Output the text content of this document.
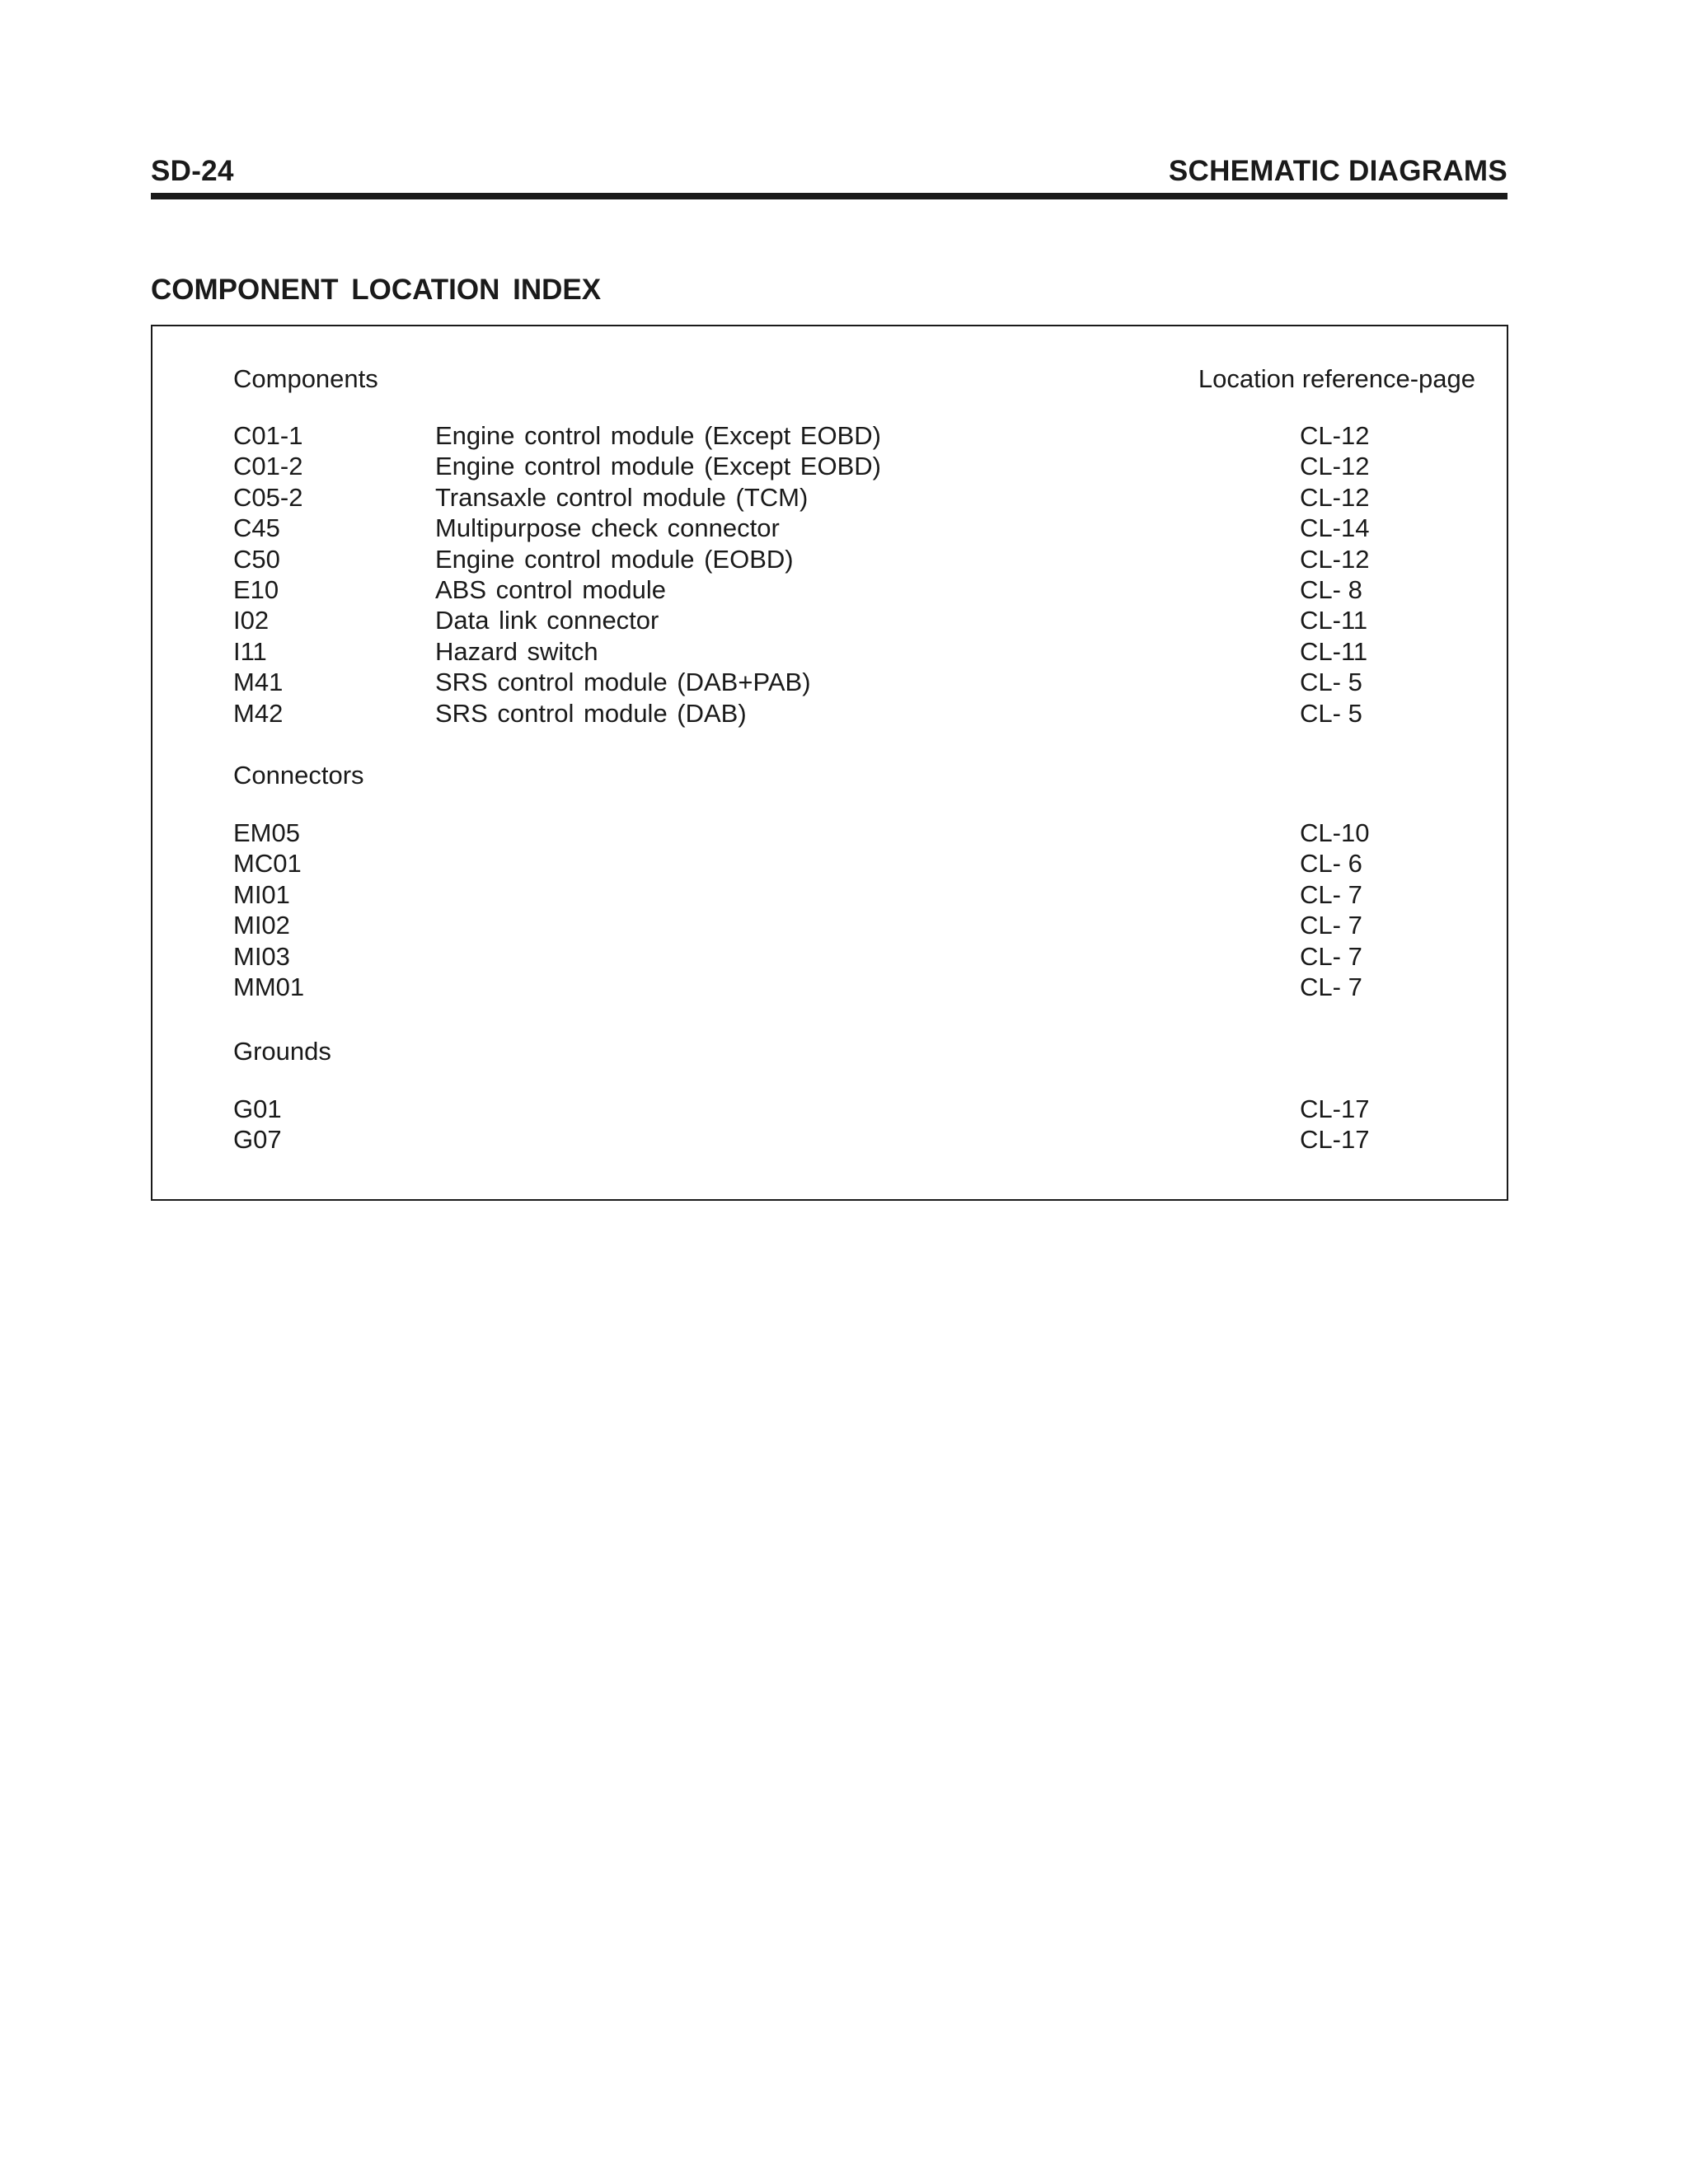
SD-24	SCHEMATIC DIAGRAMS
COMPONENT LOCATION INDEX
Components	Location reference-page
C01-1	Engine control module (Except EOBD)	CL-12
C01-2	Engine control module (Except EOBD)	CL-12
C05-2	Transaxle control module (TCM)	CL-12
C45	Multipurpose check connector	CL-14
C50	Engine control module (EOBD)	CL-12
E10	ABS control module	CL- 8
I02	Data link connector	CL-11
I11	Hazard switch	CL-11
M41	SRS control module (DAB+PAB)	CL- 5
M42	SRS control module (DAB)	CL- 5
Connectors
EM05	CL-10
MC01	CL- 6
MI01	CL- 7
MI02	CL- 7
MI03	CL- 7
MM01	CL- 7
Grounds
G01	CL-17
G07	CL-17
